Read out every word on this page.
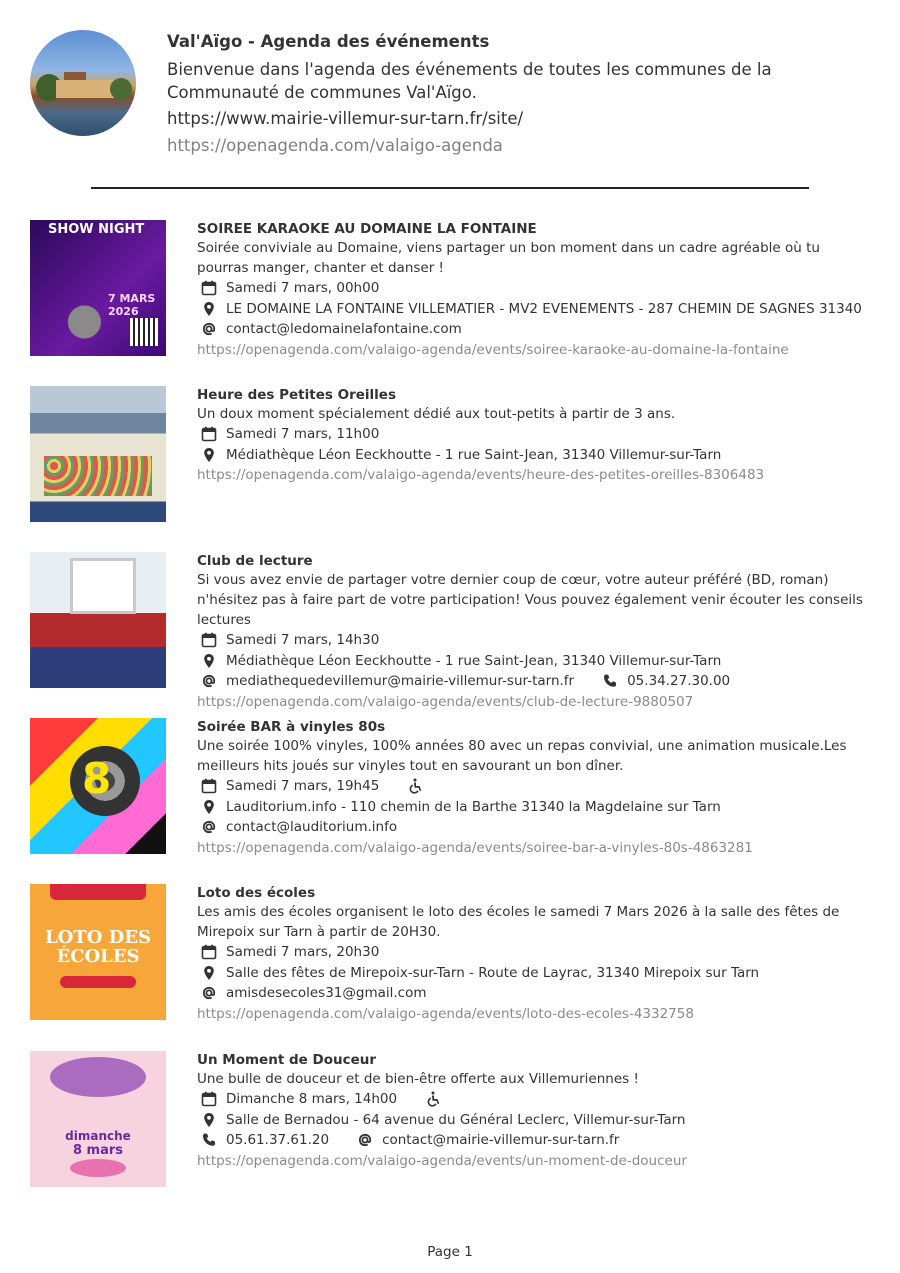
Val'Aïgo - Agenda des événements
Bienvenue dans l'agenda des événements de toutes les communes de la Communauté de communes Val'Aïgo.
https://www.mairie-villemur-sur-tarn.fr/site/
https://openagenda.com/valaigo-agenda
SHOW NIGHT
7 MARS 2026
SOIREE KARAOKE AU DOMAINE LA FONTAINE
Soirée conviviale au Domaine, viens partager un bon moment dans un cadre agréable où tu pourras manger, chanter et danser !
Samedi 7 mars, 00h00
LE DOMAINE LA FONTAINE VILLEMATIER - MV2 EVENEMENTS - 287 CHEMIN DE SAGNES 31340
contact@ledomainelafontaine.com
https://openagenda.com/valaigo-agenda/events/soiree-karaoke-au-domaine-la-fontaine
Heure des Petites Oreilles
Un doux moment spécialement dédié aux tout-petits à partir de 3 ans.
Samedi 7 mars, 11h00
Médiathèque Léon Eeckhoutte - 1 rue Saint-Jean, 31340 Villemur-sur-Tarn
https://openagenda.com/valaigo-agenda/events/heure-des-petites-oreilles-8306483
Club de lecture
Si vous avez envie de partager votre dernier coup de cœur, votre auteur préféré (BD, roman) n'hésitez pas à faire part de votre participation! Vous pouvez également venir écouter les conseils lectures
Samedi 7 mars, 14h30
Médiathèque Léon Eeckhoutte - 1 rue Saint-Jean, 31340 Villemur-sur-Tarn
mediathequedevillemur@mairie-villemur-sur-tarn.fr	05.34.27.30.00
https://openagenda.com/valaigo-agenda/events/club-de-lecture-9880507
8
Soirée BAR à vinyles 80s
Une soirée 100% vinyles, 100% années 80 avec un repas convivial, une animation musicale.Les meilleurs hits joués sur vinyles tout en savourant un bon dîner.
Samedi 7 mars, 19h45
Lauditorium.info - 110 chemin de la Barthe 31340 la Magdelaine sur Tarn
contact@lauditorium.info
https://openagenda.com/valaigo-agenda/events/soiree-bar-a-vinyles-80s-4863281
LOTO DES ÉCOLES
Loto des écoles
Les amis des écoles organisent le loto des écoles le samedi 7 Mars 2026 à la salle des fêtes de Mirepoix sur Tarn à partir de 20H30.
Samedi 7 mars, 20h30
Salle des fêtes de Mirepoix-sur-Tarn - Route de Layrac, 31340 Mirepoix sur Tarn
amisdesecoles31@gmail.com
https://openagenda.com/valaigo-agenda/events/loto-des-ecoles-4332758
dimanche
8 mars
Un Moment de Douceur
Une bulle de douceur et de bien-être offerte aux Villemuriennes !
Dimanche 8 mars, 14h00
Salle de Bernadou - 64 avenue du Général Leclerc, Villemur-sur-Tarn
05.61.37.61.20	contact@mairie-villemur-sur-tarn.fr
https://openagenda.com/valaigo-agenda/events/un-moment-de-douceur
Page 1
